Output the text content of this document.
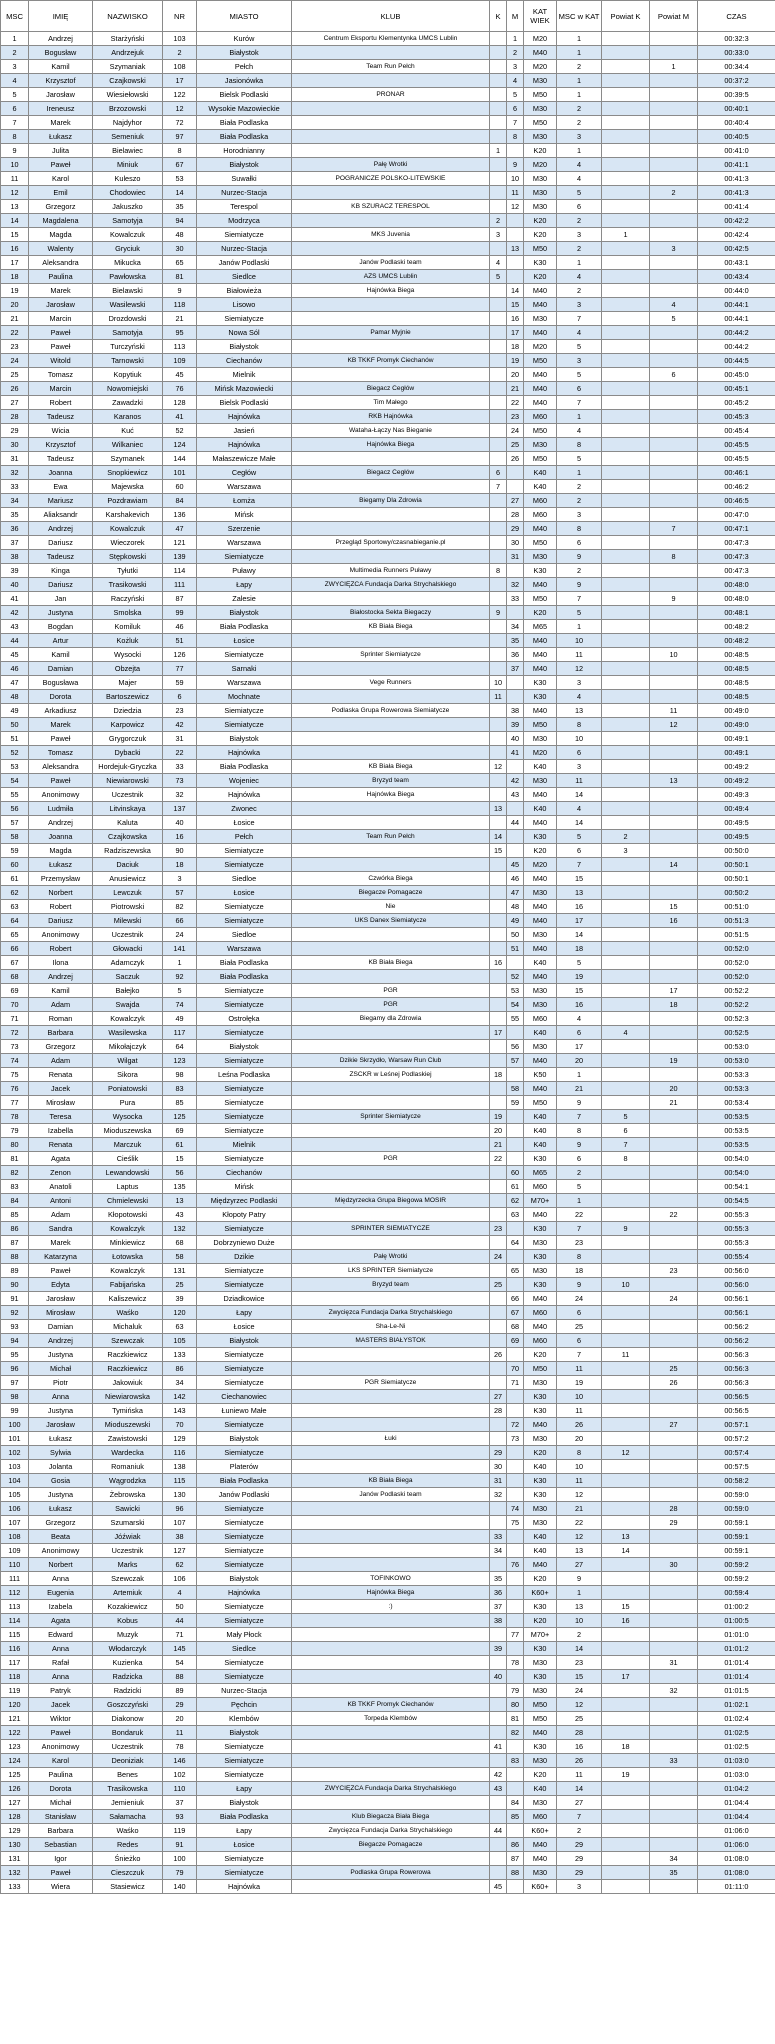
MSC	IMIĘ	NAZWISKO	NR	MIASTO	KLUB	K	M	KAT WIEK	MSC w KAT	Powiat K	Powiat M	CZAS
1	Andrzej	Starżyński	103	Kurów	Centrum Eksportu Klementynka UMCS Lublin		1	M20	1			00:32:3
2	Bogusław	Andrzejuk	2	Białystok			2	M40	1			00:33:0
3	Kamil	Szymaniak	108	Pełch	Team Run Pełch		3	M20	2		1	00:34:4
4	Krzysztof	Czajkowski	17	Jasionówka			4	M30	1			00:37:2
5	Jarosław	Wiesiełowski	122	Bielsk Podlaski	PRONAR		5	M50	1			00:39:5
6	Ireneusz	Brzozowski	12	Wysokie Mazowieckie			6	M30	2			00:40:1
7	Marek	Najdyhor	72	Biała Podlaska			7	M50	2			00:40:4
8	Łukasz	Semeniuk	97	Biała Podlaska			8	M30	3			00:40:5
9	Julita	Bielawiec	8	Horodnianny		1		K20	1			00:41:0
10	Paweł	Miniuk	67	Białystok	Pałę Wrotki		9	M20	4			00:41:1
11	Karol	Kuleszo	53	Suwałki	POGRANICZE POLSKO-LITEWSKIE		10	M30	4			00:41:3
12	Emil	Chodowiec	14	Nurzec-Stacja			11	M30	5		2	00:41:3
13	Grzegorz	Jakuszko	35	Terespol	KB SZURACZ TERESPOL		12	M30	6			00:41:4
14	Magdalena	Samotyja	94	Modrzyca		2		K20	2			00:42:2
15	Magda	Kowalczuk	48	Siemiatycze	MKS Juvenia	3		K20	3	1		00:42:4
16	Walenty	Gryciuk	30	Nurzec-Stacja			13	M50	2		3	00:42:5
17	Aleksandra	Mikucka	65	Janów Podlaski	Janów Podlaski team	4		K30	1			00:43:1
18	Paulina	Pawłowska	81	Siedlce	AZS UMCS Lublin	5		K20	4			00:43:4
19	Marek	Bielawski	9	Białowieża	Hajnówka Biega		14	M40	2			00:44:0
20	Jarosław	Wasilewski	118	Lisowo			15	M40	3		4	00:44:1
21	Marcin	Drozdowski	21	Siemiatycze			16	M30	7		5	00:44:1
22	Paweł	Samotyja	95	Nowa Sól	Pamar Myjnie		17	M40	4			00:44:2
23	Paweł	Turczyński	113	Białystok			18	M20	5			00:44:2
24	Witold	Tarnowski	109	Ciechanów	KB TKKF Promyk Ciechanów		19	M50	3			00:44:5
25	Tomasz	Kopytiuk	45	Mielnik			20	M40	5		6	00:45:0
26	Marcin	Nowomiejski	76	Mińsk Mazowiecki	Biegacz Cegłów		21	M40	6			00:45:1
27	Robert	Zawadzki	128	Bielsk Podlaski	Tim Małego		22	M40	7			00:45:2
28	Tadeusz	Karanos	41	Hajnówka	RKB Hajnówka		23	M60	1			00:45:3
29	Wicia	Kuć	52	Jasień	Wataha-Łączy Nas Bieganie		24	M50	4			00:45:4
30	Krzysztof	Wilkaniec	124	Hajnówka	Hajnówka Biega		25	M30	8			00:45:5
31	Tadeusz	Szymanek	144	Małaszewicze Małe			26	M50	5			00:45:5
32	Joanna	Snopkiewicz	101	Cegłów	Biegacz Cegłów	6		K40	1			00:46:1
33	Ewa	Majewska	60	Warszawa		7		K40	2			00:46:2
34	Mariusz	Pozdrawiam	84	Łomża	Biegamy Dla Zdrowia		27	M60	2			00:46:5
35	Aliaksandr	Karshakevich	136	Mińsk			28	M60	3			00:47:0
36	Andrzej	Kowalczuk	47	Szerzenie			29	M40	8		7	00:47:1
37	Dariusz	Wieczorek	121	Warszawa	Przegląd Sportowy/czasnabieganie.pl		30	M50	6			00:47:3
38	Tadeusz	Stępkowski	139	Siemiatycze			31	M30	9		8	00:47:3
39	Kinga	Tyłutki	114	Puławy	Multimedia Runners Puławy	8		K30	2			00:47:3
40	Dariusz	Trasikowski	111	Łapy	ZWYCIĘZCA Fundacja Darka Strychalskiego		32	M40	9			00:48:0
41	Jan	Raczyński	87	Zalesie			33	M50	7		9	00:48:0
42	Justyna	Smolska	99	Białystok	Białostocka Sekta Biegaczy	9		K20	5			00:48:1
43	Bogdan	Komiluk	46	Biała Podlaska	KB Biała Biega		34	M65	1			00:48:2
44	Artur	Kożluk	51	Łosice			35	M40	10			00:48:2
45	Kamil	Wysocki	126	Siemiatycze	Sprinter Siemiatycze		36	M40	11		10	00:48:5
46	Damian	Obzejta	77	Sarnaki			37	M40	12			00:48:5
47	Bogusława	Majer	59	Warszawa	Vege Runners	10		K30	3			00:48:5
48	Dorota	Bartoszewicz	6	Mochnate		11		K30	4			00:48:5
49	Arkadiusz	Dziedzia	23	Siemiatycze	Podlaska Grupa Rowerowa Siemiatycze		38	M40	13		11	00:49:0
50	Marek	Karpowicz	42	Siemiatycze			39	M50	8		12	00:49:0
51	Paweł	Grygorczuk	31	Białystok			40	M30	10			00:49:1
52	Tomasz	Dybacki	22	Hajnówka			41	M20	6			00:49:1
53	Aleksandra	Hordejuk-Gryczka	33	Biała Podlaska	KB Biała Biega	12		K40	3			00:49:2
54	Paweł	Niewiarowski	73	Wojeniec	Bryzyd team		42	M30	11		13	00:49:2
55	Anonimowy	Uczestnik	32	Hajnówka	Hajnówka Biega		43	M40	14			00:49:3
56	Ludmiła	Litvinskaya	137	Zwonec		13		K40	4			00:49:4
57	Andrzej	Kaluta	40	Łosice			44	M40	14			00:49:5
58	Joanna	Czajkowska	16	Pełch	Team Run Pełch	14		K30	5	2		00:49:5
59	Magda	Radziszewska	90	Siemiatycze		15		K20	6	3		00:50:0
60	Łukasz	Daciuk	18	Siemiatycze			45	M20	7		14	00:50:1
61	Przemysław	Anusiewicz	3	Siedloe	Czwórka Biega		46	M40	15			00:50:1
62	Norbert	Lewczuk	57	Łosice	Biegacze Pomagacze		47	M30	13			00:50:2
63	Robert	Piotrowski	82	Siemiatycze	Nie		48	M40	16		15	00:51:0
64	Dariusz	Milewski	66	Siemiatycze	UKS Danex Siemiatycze		49	M40	17		16	00:51:3
65	Anonimowy	Uczestnik	24	Siedloe			50	M30	14			00:51:5
66	Robert	Głowacki	141	Warszawa			51	M40	18			00:52:0
67	Ilona	Adamczyk	1	Biała Podlaska	KB Biała Biega	16		K40	5			00:52:0
68	Andrzej	Saczuk	92	Biała Podlaska			52	M40	19			00:52:0
69	Kamil	Bałejko	5	Siemiatycze	PGR		53	M30	15		17	00:52:2
70	Adam	Swajda	74	Siemiatycze	PGR		54	M30	16		18	00:52:2
71	Roman	Kowalczyk	49	Ostrołęka	Biegamy dla Zdrowia		55	M60	4			00:52:3
72	Barbara	Wasilewska	117	Siemiatycze		17		K40	6	4		00:52:5
73	Grzegorz	Mikołajczyk	64	Białystok			56	M30	17			00:53:0
74	Adam	Wilgat	123	Siemiatycze	Dzikie Skrzydło, Warsaw Run Club		57	M40	20		19	00:53:0
75	Renata	Sikora	98	Leśna Podlaska	ZSCKR w Leśnej Podlaskiej	18		K50	1			00:53:3
76	Jacek	Poniatowski	83	Siemiatycze			58	M40	21		20	00:53:3
77	Mirosław	Pura	85	Siemiatycze			59	M50	9		21	00:53:4
78	Teresa	Wysocka	125	Siemiatycze	Sprinter Siemiatycze	19		K40	7	5		00:53:5
79	Izabella	Mioduszewska	69	Siemiatycze		20		K40	8	6		00:53:5
80	Renata	Marczuk	61	Mielnik		21		K40	9	7		00:53:5
81	Agata	Cieślik	15	Siemiatycze	PGR	22		K30	6	8		00:54:0
82	Zenon	Lewandowski	56	Ciechanów			60	M65	2			00:54:0
83	Anatoli	Laptus	135	Mińsk			61	M60	5			00:54:1
84	Antoni	Chmielewski	13	Międzyrzec Podlaski	Międzyrzecka Grupa Biegowa MOSIR		62	M70+	1			00:54:5
85	Adam	Kłopotowski	43	Kłopoty Patry			63	M40	22		22	00:55:3
86	Sandra	Kowalczyk	132	Siemiatycze	SPRINTER SIEMIATYCZE	23		K30	7	9		00:55:3
87	Marek	Minkiewicz	68	Dobrzyniewo Duże			64	M30	23			00:55:3
88	Katarzyna	Łotowska	58	Dzikie	Pałę Wrotki	24		K30	8			00:55:4
89	Paweł	Kowalczyk	131	Siemiatycze	LKS SPRINTER Siemiatycze		65	M30	18		23	00:56:0
90	Edyta	Fabijańska	25	Siemiatycze	Bryzyd team	25		K30	9	10		00:56:0
91	Jarosław	Kaliszewicz	39	Dziadkowice			66	M40	24		24	00:56:1
92	Mirosław	Waśko	120	Łapy	Zwycięzca Fundacja Darka Strychalskiego		67	M60	6			00:56:1
93	Damian	Michaluk	63	Łosice	Sha-Le-Ni		68	M40	25			00:56:2
94	Andrzej	Szewczak	105	Białystok	MASTERS BIAŁYSTOK		69	M60	6			00:56:2
95	Justyna	Raczkiewicz	133	Siemiatycze		26		K20	7	11		00:56:3
96	Michał	Raczkiewicz	86	Siemiatycze			70	M50	11		25	00:56:3
97	Piotr	Jakowiuk	34	Siemiatycze	PGR Siemiatycze		71	M30	19		26	00:56:3
98	Anna	Niewiarowska	142	Ciechanowiec		27		K30	10			00:56:5
99	Justyna	Tymińska	143	Łuniewo Małe		28		K30	11			00:56:5
100	Jarosław	Mioduszewski	70	Siemiatycze			72	M40	26		27	00:57:1
101	Łukasz	Zawistowski	129	Białystok	Łuki		73	M30	20			00:57:2
102	Sylwia	Wardecka	116	Siemiatycze		29		K20	8	12		00:57:4
103	Jolanta	Romaniuk	138	Platerów		30		K40	10			00:57:5
104	Gosia	Wągrodzka	115	Biała Podlaska	KB Biała Biega	31		K30	11			00:58:2
105	Justyna	Żebrowska	130	Janów Podlaski	Janów Podlaski team	32		K30	12			00:59:0
106	Łukasz	Sawicki	96	Siemiatycze			74	M30	21		28	00:59:0
107	Grzegorz	Szumarski	107	Siemiatycze			75	M30	22		29	00:59:1
108	Beata	Jóźwiak	38	Siemiatycze		33		K40	12	13		00:59:1
109	Anonimowy	Uczestnik	127	Siemiatycze		34		K40	13	14		00:59:1
110	Norbert	Marks	62	Siemiatycze			76	M40	27		30	00:59:2
111	Anna	Szewczak	106	Białystok	TOFINKOWO	35		K20	9			00:59:2
112	Eugenia	Artemiuk	4	Hajnówka	Hajnówka Biega	36		K60+	1			00:59:4
113	Izabela	Kozakiewicz	50	Siemiatycze	:)	37		K30	13	15		01:00:2
114	Agata	Kobus	44	Siemiatycze		38		K20	10	16		01:00:5
115	Edward	Muzyk	71	Mały Płock			77	M70+	2			01:01:0
116	Anna	Włodarczyk	145	Siedlce		39		K30	14			01:01:2
117	Rafał	Kuzienka	54	Siemiatycze			78	M30	23		31	01:01:4
118	Anna	Radzicka	88	Siemiatycze		40		K30	15	17		01:01:4
119	Patryk	Radzicki	89	Nurzec-Stacja			79	M30	24		32	01:01:5
120	Jacek	Goszczyński	29	Pęchcin	KB TKKF Promyk Ciechanów		80	M50	12			01:02:1
121	Wiktor	Diakonow	20	Klembów	Torpeda Klembów		81	M50	25			01:02:4
122	Paweł	Bondaruk	11	Białystok			82	M40	28			01:02:5
123	Anonimowy	Uczestnik	78	Siemiatycze		41		K30	16	18		01:02:5
124	Karol	Deoniziak	146	Siemiatycze			83	M30	26		33	01:03:0
125	Paulina	Benes	102	Siemiatycze		42		K20	11	19		01:03:0
126	Dorota	Trasikowska	110	Łapy	ZWYCIĘZCA Fundacja Darka Strychalskiego	43		K40	14			01:04:2
127	Michał	Jemieniuk	37	Białystok			84	M30	27			01:04:4
128	Stanisław	Sałamacha	93	Biała Podlaska	Klub Biegacza Biała Biega		85	M60	7			01:04:4
129	Barbara	Waśko	119	Łapy	Zwycięzca Fundacja Darka Strychalskiego	44		K60+	2			01:06:0
130	Sebastian	Redes	91	Łosice	Biegacze Pomagacze		86	M40	29			01:06:0
131	Igor	Śnieżko	100	Siemiatycze			87	M40	29		34	01:08:0
132	Paweł	Cieszczuk	79	Siemiatycze	Podlaska Grupa Rowerowa		88	M30	29		35	01:08:0
133	Wiera	Stasiewicz	140	Hajnówka		45		K60+	3			01:11:0
